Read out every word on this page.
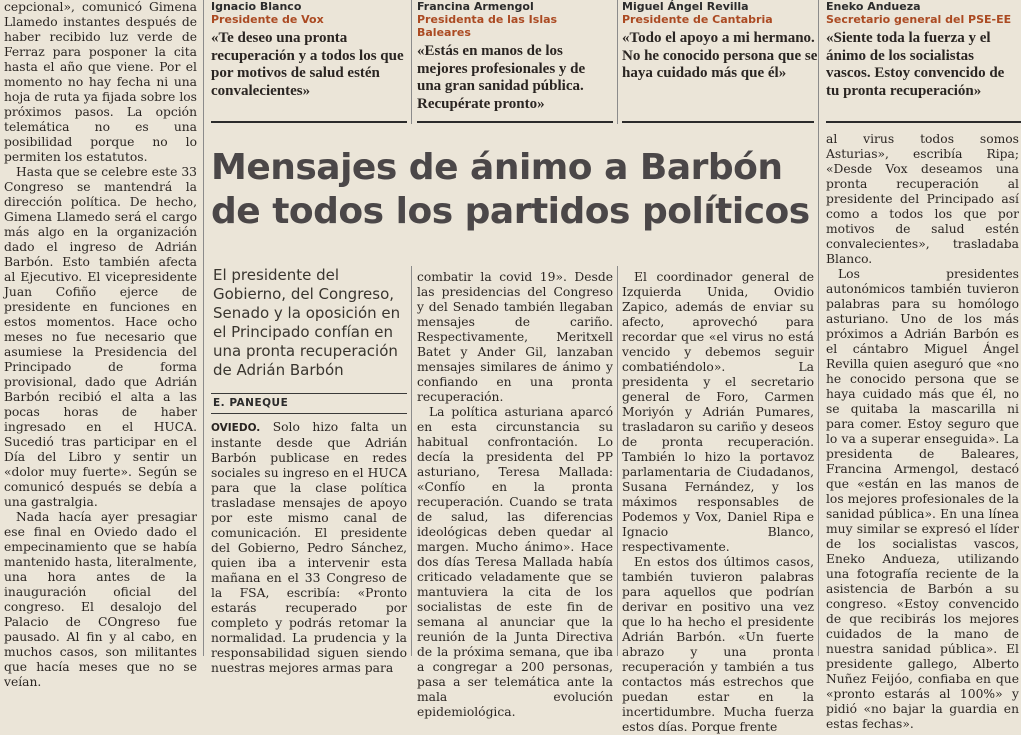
cepcional», comunicó Gimena Llamedo instantes después de haber recibido luz verde de Ferraz para posponer la cita hasta el año que viene. Por el momento no hay fecha ni una hoja de ruta ya fijada sobre los próximos pasos. La opción telemática no es una posibilidad porque no lo permiten los estatutos.

Hasta que se celebre este 33 Congreso se mantendrá la dirección política. De hecho, Gimena Llamedo será el cargo más algo en la organización dado el ingreso de Adrián Barbón. Esto también afecta al Ejecutivo. El vicepresidente Juan Cofiño ejerce de presidente en funciones en estos momentos. Hace ocho meses no fue necesario que asumiese la Presidencia del Principado de forma provisional, dado que Adrián Barbón recibió el alta a las pocas horas de haber ingresado en el HUCA. Sucedió tras participar en el Día del Libro y sentir un «dolor muy fuerte». Según se comunicó después se debía a una gastralgia.

Nada hacía ayer presagiar ese final en Oviedo dado el empecinamiento que se había mantenido hasta, literalmente, una hora antes de la inauguración oficial del congreso. El desalojo del Palacio de COngreso fue pausado. Al fin y al cabo, en muchos casos, son militantes que hacía meses que no se veían.

Ignacio Blanco
Presidente de Vox
«Te deseo una pronta recuperación y a todos los que por motivos de salud estén convalecientes»
Francina Armengol
Presidenta de las Islas Baleares
«Estás en manos de los mejores profesionales y de una gran sanidad pública. Recupérate pronto»
Miguel Ángel Revilla
Presidente de Cantabria
«Todo el apoyo a mi hermano. No he conocido persona que se haya cuidado más que él»
Eneko Andueza
Secretario general del PSE-EE
«Siente toda la fuerza y el ánimo de los socialistas vascos. Estoy convencido de tu pronta recuperación»
Mensajes de ánimo a Barbón
de todos los partidos políticos
El presidente del Gobierno, del Congreso, Senado y la oposición en el Principado confían en una pronta recuperación de Adrián Barbón
E. PANEQUE

OVIEDO. Solo hizo falta un instante desde que Adrián Barbón publicase en redes sociales su ingreso en el HUCA para que la clase política trasladase mensajes de apoyo por este mismo canal de comunicación. El presidente del Gobierno, Pedro Sánchez, quien iba a intervenir esta mañana en el 33 Congreso de la FSA, escribía: «Pronto estarás recuperado por completo y podrás retomar la normalidad. La prudencia y la responsabilidad siguen siendo nuestras mejores armas para

combatir la covid 19». Desde las presidencias del Congreso y del Senado también llegaban mensajes de cariño. Respectivamente, Meritxell Batet y Ander Gil, lanzaban mensajes similares de ánimo y confiando en una pronta recuperación.

La política asturiana aparcó en esta circunstancia su habitual confrontación. Lo decía la presidenta del PP asturiano, Teresa Mallada: «Confío en la pronta recuperación. Cuando se trata de salud, las diferencias ideológicas deben quedar al margen. Mucho ánimo». Hace dos días Teresa Mallada había criticado veladamente que se mantuviera la cita de los socialistas de este fin de semana al anunciar que la reunión de la Junta Directiva de la próxima semana, que iba a congregar a 200 personas, pasa a ser telemática ante la mala evolución epidemiológica.

El coordinador general de Izquierda Unida, Ovidio Zapico, además de enviar su afecto, aprovechó para recordar que «el virus no está vencido y debemos seguir combatiéndolo». La presidenta y el secretario general de Foro, Carmen Moriyón y Adrián Pumares, trasladaron su cariño y deseos de pronta recuperación. También lo hizo la portavoz parlamentaria de Ciudadanos, Susana Fernández, y los máximos responsables de Podemos y Vox, Daniel Ripa e Ignacio Blanco, respectivamente.

En estos dos últimos casos, también tuvieron palabras para aquellos que podrían derivar en positivo una vez que lo ha hecho el presidente Adrián Barbón. «Un fuerte abrazo y una pronta recuperación y también a tus contactos más estrechos que puedan estar en la incertidumbre. Mucha fuerza estos días. Porque frente

al virus todos somos Asturias», escribía Ripa; «Desde Vox deseamos una pronta recuperación al presidente del Principado así como a todos los que por motivos de salud estén convalecientes», trasladaba Blanco.

Los presidentes autonómicos también tuvieron palabras para su homólogo asturiano. Uno de los más próximos a Adrián Barbón es el cántabro Miguel Ángel Revilla quien aseguró que «no he conocido persona que se haya cuidado más que él, no se quitaba la mascarilla ni para comer. Estoy seguro que lo va a superar enseguida». La presidenta de Baleares, Francina Armengol, destacó que «están en las manos de los mejores profesionales de la sanidad pública». En una línea muy similar se expresó el líder de los socialistas vascos, Eneko Andueza, utilizando una fotografía reciente de la asistencia de Barbón a su congreso. «Estoy convencido de que recibirás los mejores cuidados de la mano de nuestra sanidad pública». El presidente gallego, Alberto Nuñez Feijóo, confiaba en que «pronto estarás al 100%» y pidió «no bajar la guardia en estas fechas».
